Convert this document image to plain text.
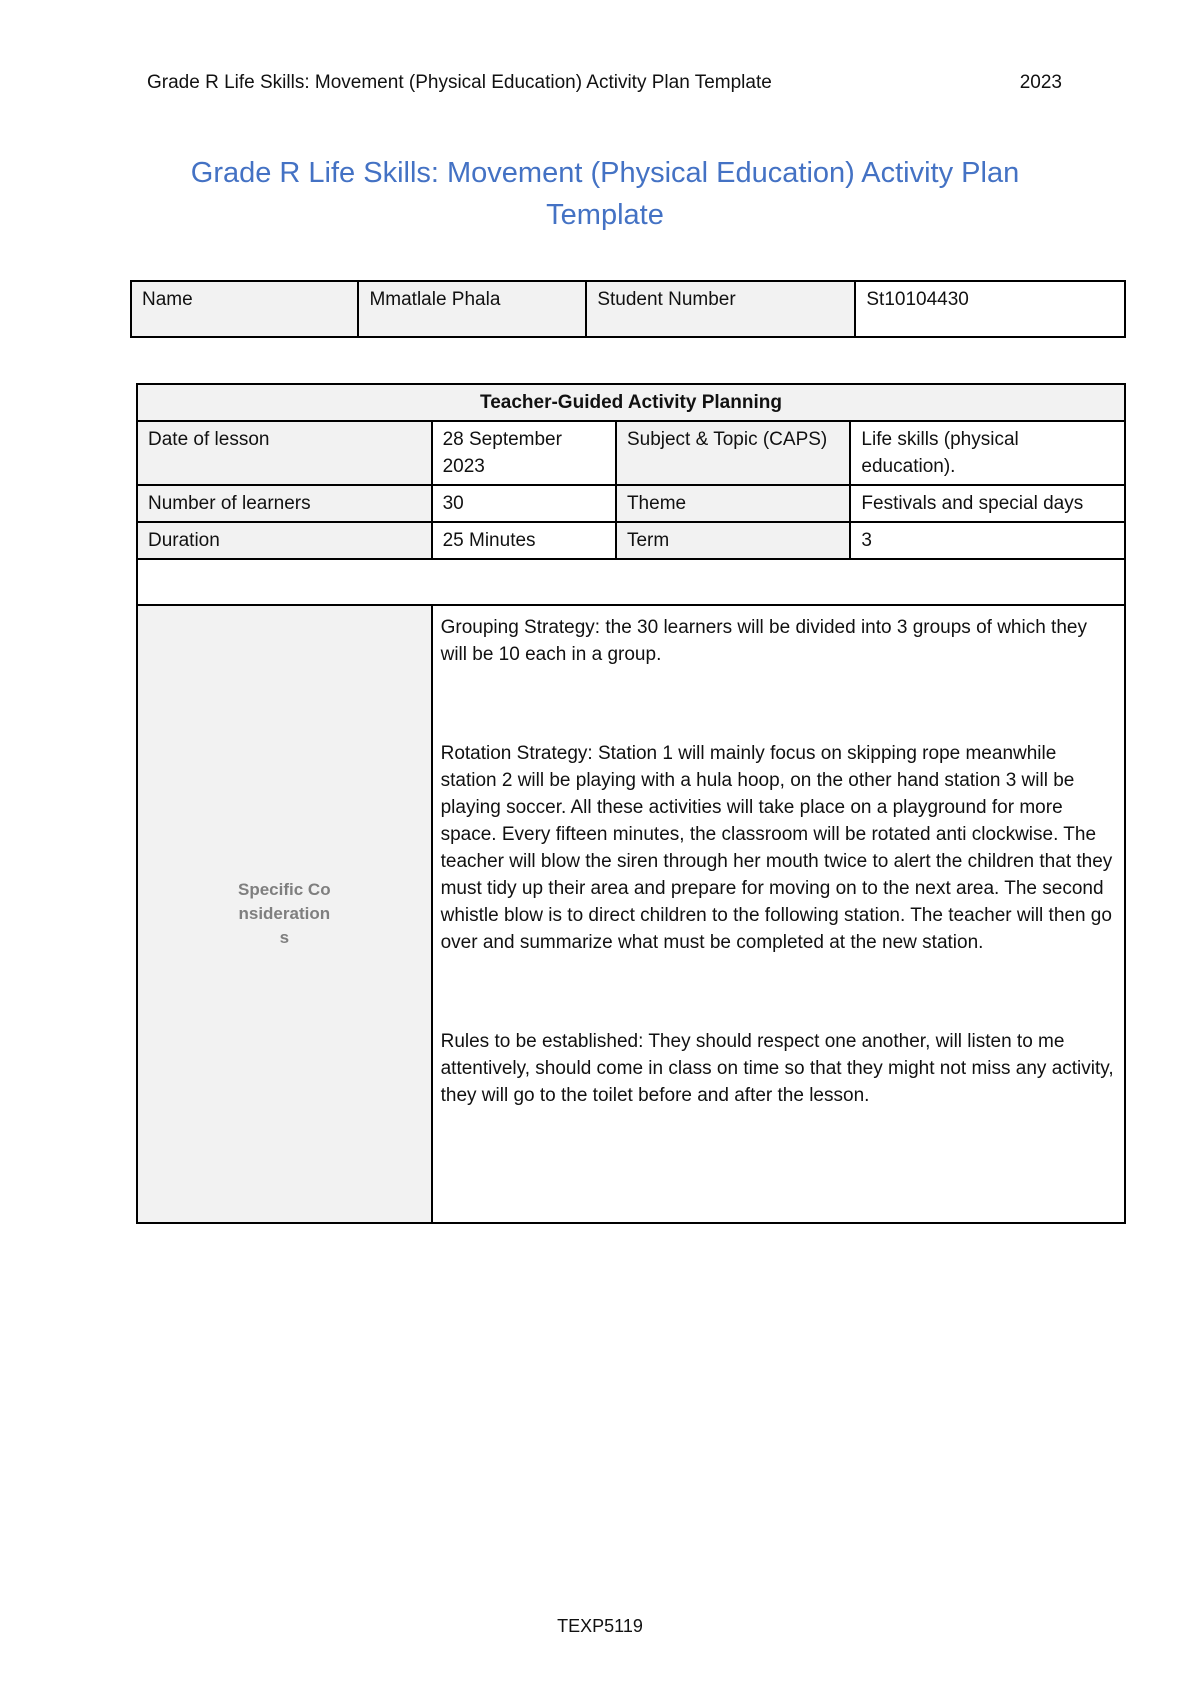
Grade R Life Skills: Movement (Physical Education) Activity Plan Template	2023
Grade R Life Skills: Movement (Physical Education) Activity Plan Template
Name	Mmatlale Phala	Student Number	St10104430
Teacher-Guided Activity Planning			
Date of lesson	28 September 2023	Subject & Topic (CAPS)	Life skills (physical education).
Number of learners	30	Theme	Festivals and special days
Duration	25 Minutes	Term	3

Specific Considerations	Grouping Strategy: the 30 learners will be divided into 3 groups of which they will be 10 each in a group.

Rotation Strategy: Station 1 will mainly focus on skipping rope meanwhile station 2 will be playing with a hula hoop, on the other hand station 3 will be playing soccer. All these activities will take place on a playground for more space. Every fifteen minutes, the classroom will be rotated anti clockwise. The teacher will blow the siren through her mouth twice to alert the children that they must tidy up their area and prepare for moving on to the next area. The second whistle blow is to direct children to the following station. The teacher will then go over and summarize what must be completed at the new station.

Rules to be established: They should respect one another, will listen to me attentively, should come in class on time so that they might not miss any activity, they will go to the toilet before and after the lesson.		

TEXP5119
